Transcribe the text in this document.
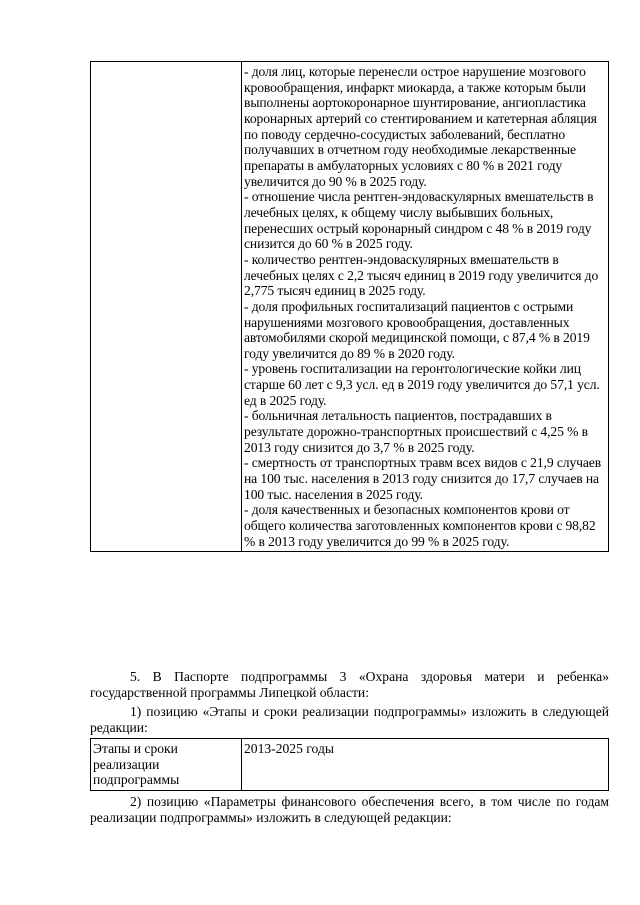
- доля лиц, которые перенесли острое нарушение мозгового кровообращения, инфаркт миокарда, а также которым были выполнены аортокоронарное шунтирование, ангиопластика коронарных артерий со стентированием и катетерная абляция по поводу сердечно-сосудистых заболеваний, бесплатно получавших в отчетном году необходимые лекарственные препараты в амбулаторных условиях с 80 % в 2021 году увеличится до 90 % в 2025 году.
- отношение числа рентген-эндоваскулярных вмешательств в лечебных целях, к общему числу выбывших больных, перенесших острый коронарный синдром с 48 % в 2019 году снизится до 60 % в 2025 году.
- количество рентген-эндоваскулярных вмешательств в лечебных целях с 2,2 тысяч единиц в 2019 году увеличится до 2,775 тысяч единиц в 2025 году.
- доля профильных госпитализаций пациентов с острыми нарушениями мозгового кровообращения, доставленных автомобилями скорой медицинской помощи, с 87,4 % в 2019 году увеличится до 89 % в 2020 году.
- уровень госпитализации на геронтологические койки лиц старше 60 лет с 9,3 усл. ед в 2019 году увеличится до 57,1 усл. ед в 2025 году.
- больничная летальность пациентов, пострадавших в результате дорожно-транспортных происшествий с 4,25 % в 2013 году снизится до 3,7 % в 2025 году.
- смертность от транспортных травм всех видов с 21,9 случаев на 100 тыс. населения в 2013 году снизится до 17,7 случаев на 100 тыс. населения в 2025 году.
- доля качественных и безопасных компонентов крови от общего количества заготовленных компонентов крови с 98,82 % в 2013 году увеличится до 99 % в 2025 году.
5. В Паспорте подпрограммы 3 «Охрана здоровья матери и ребенка» государственной программы Липецкой области:
1) позицию «Этапы и сроки реализации подпрограммы» изложить в следующей редакции:
Этапы и сроки реализации подпрограммы	2013-2025 годы
2) позицию «Параметры финансового обеспечения всего, в том числе по годам реализации подпрограммы» изложить в следующей редакции:
